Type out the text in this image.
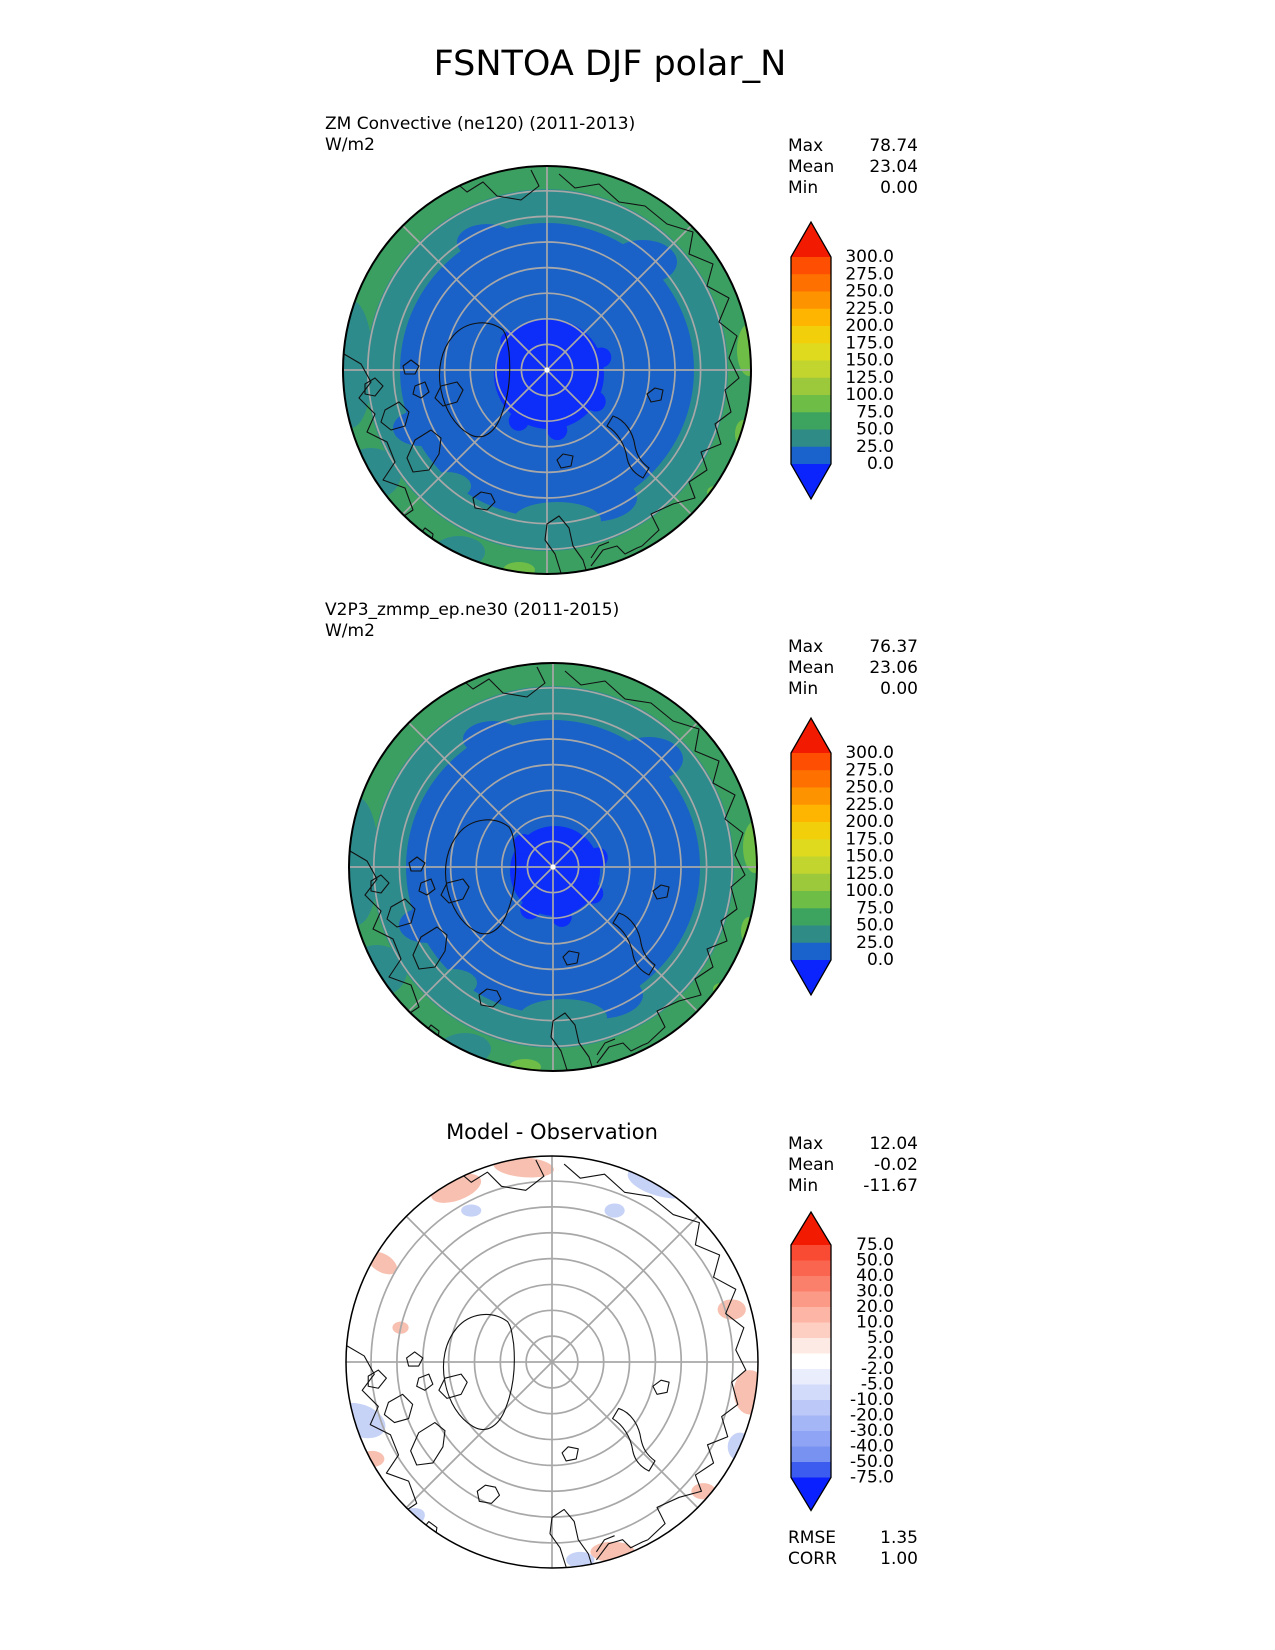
FSNTOA DJF polar_N
ZM Convective (ne120) (2011-2013)
W/m2
V2P3_zmmp_ep.ne30 (2011-2015)
W/m2
Model - Observation
Max	78.74
Mean 23.04
Min	0.00
Max	76.37
Mean 23.06
Min	0.00
Max	12.04
Mean -0.02
Min	-11.67
RMSE	1.35
CORR	1.00
300.0
275.0
250.0
225.0
200.0
175.0
150.0
125.0
100.0
75.0
50.0
25.0
0.0
300.0
275.0
250.0
225.0
200.0
175.0
150.0
125.0
100.0
75.0
50.0
25.0
0.0
75.0
50.0
40.0
30.0
20.0
10.0
5.0
2.0
-2.0
-5.0
-10.0
-20.0
-30.0
-40.0
-50.0
-75.0
